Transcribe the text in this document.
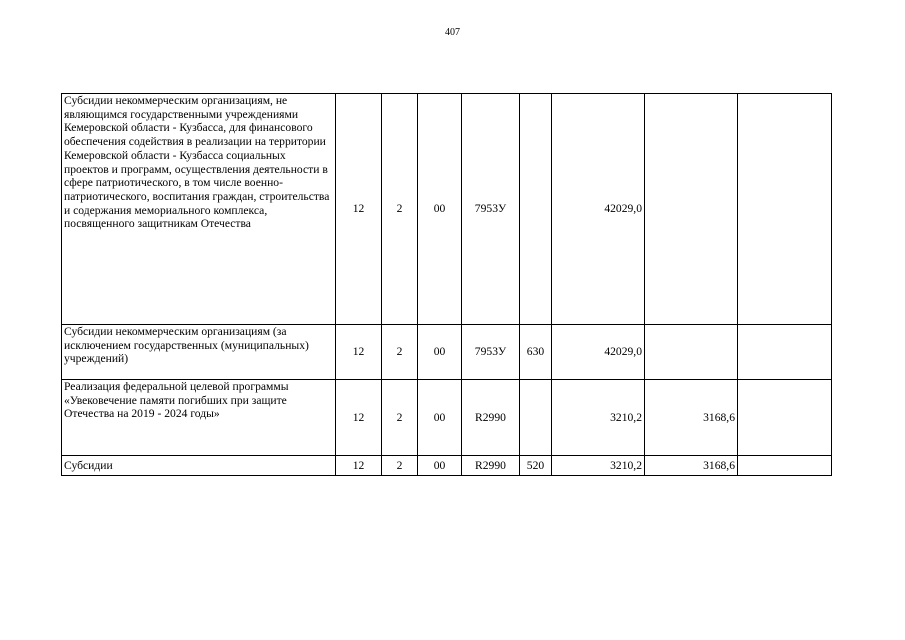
407
Субсидии некоммерческим организациям, не являющимся государственными учреждениями Кемеровской области - Кузбасса, для финансового обеспечения содействия в реализации на территории Кемеровской области - Кузбасса социальных проектов и программ, осуществления деятельности в сфере патриотического, в том числе военно-патриотического, воспитания граждан, строительства и содержания мемориального комплекса, посвященного защитникам Отечества	12	2	00	7953У		42029,0		
Субсидии некоммерческим организациям (за исключением государственных (муниципальных) учреждений)	12	2	00	7953У	630	42029,0		
Реализация федеральной целевой программы «Увековечение памяти погибших при защите Отечества на 2019 - 2024 годы»	12	2	00	R2990		3210,2	3168,6	
Субсидии	12	2	00	R2990	520	3210,2	3168,6	
